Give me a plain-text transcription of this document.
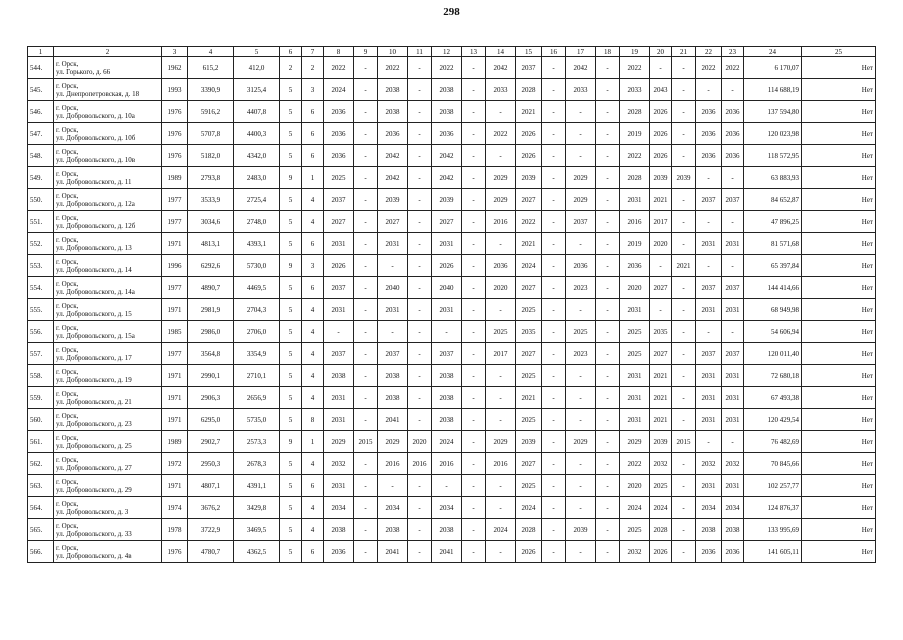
298
1	2	3	4	5	6	7	8	9	10	11	12	13	14	15	16	17	18	19	20	21	22	23	24	25
544.	г. Орск,
ул. Горького, д. 66	1962	615,2	412,0	2	2	2022	-	2022	-	2022	-	2042	2037	-	2042	-	2022	-	-	2022	2022	6 170,07	Нет
545.	г. Орск,
ул. Днепропетровская, д. 18	1993	3390,9	3125,4	5	3	2024	-	2038	-	2038	-	2033	2028	-	2033	-	2033	2043	-	-	-	114 688,19	Нет
546.	г. Орск,
ул. Добровольского, д. 10а	1976	5916,2	4407,8	5	6	2036	-	2038	-	2038	-	-	2021	-	-	-	2028	2026	-	2036	2036	137 594,80	Нет
547.	г. Орск,
ул. Добровольского, д. 10б	1976	5707,8	4400,3	5	6	2036	-	2036	-	2036	-	2022	2026	-	-	-	2019	2026	-	2036	2036	120 023,98	Нет
548.	г. Орск,
ул. Добровольского, д. 10в	1976	5182,0	4342,0	5	6	2036	-	2042	-	2042	-	-	2026	-	-	-	2022	2026	-	2036	2036	118 572,95	Нет
549.	г. Орск,
ул. Добровольского, д. 11	1989	2793,8	2483,0	9	1	2025	-	2042	-	2042	-	2029	2039	-	2029	-	2028	2039	2039	-	-	63 883,93	Нет
550.	г. Орск,
ул. Добровольского, д. 12а	1977	3533,9	2725,4	5	4	2037	-	2039	-	2039	-	2029	2027	-	2029	-	2031	2021	-	2037	2037	84 652,87	Нет
551.	г. Орск,
ул. Добровольского, д. 12б	1977	3034,6	2748,0	5	4	2027	-	2027	-	2027	-	2016	2022	-	2037	-	2016	2017	-	-	-	47 896,25	Нет
552.	г. Орск,
ул. Добровольского, д. 13	1971	4813,1	4393,1	5	6	2031	-	2031	-	2031	-	-	2021	-	-	-	2019	2020	-	2031	2031	81 571,68	Нет
553.	г. Орск,
ул. Добровольского, д. 14	1996	6292,6	5730,0	9	3	2026	-	-	-	2026	-	2036	2024	-	2036	-	2036	-	2021	-	-	65 397,84	Нет
554.	г. Орск,
ул. Добровольского, д. 14а	1977	4890,7	4469,5	5	6	2037	-	2040	-	2040	-	2020	2027	-	2023	-	2020	2027	-	2037	2037	144 414,66	Нет
555.	г. Орск,
ул. Добровольского, д. 15	1971	2981,9	2704,3	5	4	2031	-	2031	-	2031	-	-	2025	-	-	-	2031	-	-	2031	2031	68 949,98	Нет
556.	г. Орск,
ул. Добровольского, д. 15а	1985	2986,0	2706,0	5	4	-	-	-	-	-	-	2025	2035	-	2025	-	2025	2035	-	-	-	54 606,94	Нет
557.	г. Орск,
ул. Добровольского, д. 17	1977	3564,8	3354,9	5	4	2037	-	2037	-	2037	-	2017	2027	-	2023	-	2025	2027	-	2037	2037	120 011,40	Нет
558.	г. Орск,
ул. Добровольского, д. 19	1971	2990,1	2710,1	5	4	2038	-	2038	-	2038	-	-	2025	-	-	-	2031	2021	-	2031	2031	72 680,18	Нет
559.	г. Орск,
ул. Добровольского, д. 21	1971	2906,3	2656,9	5	4	2031	-	2038	-	2038	-	-	2021	-	-	-	2031	2021	-	2031	2031	67 493,38	Нет
560.	г. Орск,
ул. Добровольского, д. 23	1971	6295,0	5735,0	5	8	2031	-	2041	-	2038	-	-	2025	-	-	-	2031	2021	-	2031	2031	120 429,54	Нет
561.	г. Орск,
ул. Добровольского, д. 25	1989	2902,7	2573,3	9	1	2029	2015	2029	2020	2024	-	2029	2039	-	2029	-	2029	2039	2015	-	-	76 482,69	Нет
562.	г. Орск,
ул. Добровольского, д. 27	1972	2950,3	2678,3	5	4	2032	-	2016	2016	2016	-	2016	2027	-	-	-	2022	2032	-	2032	2032	70 845,66	Нет
563.	г. Орск,
ул. Добровольского, д. 29	1971	4807,1	4391,1	5	6	2031	-	-	-	-	-	-	2025	-	-	-	2020	2025	-	2031	2031	102 257,77	Нет
564.	г. Орск,
ул. Добровольского, д. 3	1974	3676,2	3429,8	5	4	2034	-	2034	-	2034	-	-	2024	-	-	-	2024	2024	-	2034	2034	124 876,37	Нет
565.	г. Орск,
ул. Добровольского, д. 33	1978	3722,9	3469,5	5	4	2038	-	2038	-	2038	-	2024	2028	-	2039	-	2025	2028	-	2038	2038	133 995,69	Нет
566.	г. Орск,
ул. Добровольского, д. 4в	1976	4780,7	4362,5	5	6	2036	-	2041	-	2041	-	-	2026	-	-	-	2032	2026	-	2036	2036	141 605,11	Нет
